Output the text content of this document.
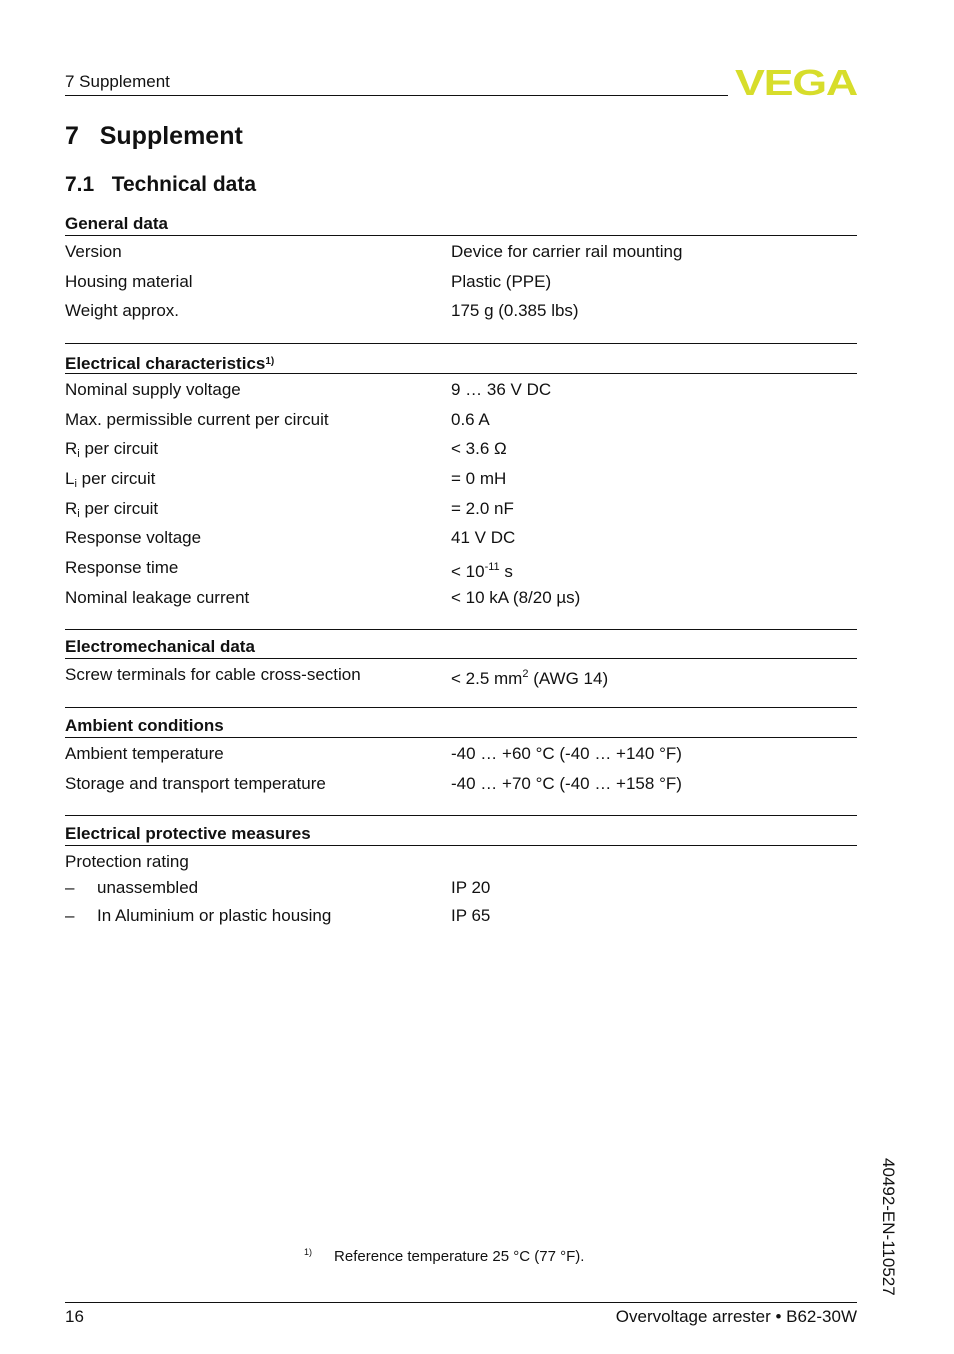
7 Supplement	VEGA
7   Supplement
7.1   Technical data
General data
Version	Device for carrier rail mounting
Housing material	Plastic (PPE)
Weight approx.	175 g (0.385 lbs)
Electrical characteristics$^{1)}$
Nominal supply voltage	9 … 36 V DC
Max. permissible current per circuit	0.6 A
$R_i$ per circuit	< 3.6 Ω
$L_i$ per circuit	= 0 mH
$R_i$ per circuit	= 2.0 nF
Response voltage	41 V DC
Response time	< $10^{-11}$ s
Nominal leakage current	< 10 kA (8/20 µs)
Electromechanical data
Screw terminals for cable cross-section	< 2.5 $mm^2$ (AWG 14)
Ambient conditions
Ambient temperature	-40 … +60 °C (-40 … +140 °F)
Storage and transport temperature	-40 … +70 °C (-40 … +158 °F)
Electrical protective measures
Protection rating
– unassembled	IP 20
– In Aluminium or plastic housing	IP 65
$^{1)}$ Reference temperature 25 °C (77 °F).	40492-EN-110527
16	Overvoltage arrester • B62-30W
